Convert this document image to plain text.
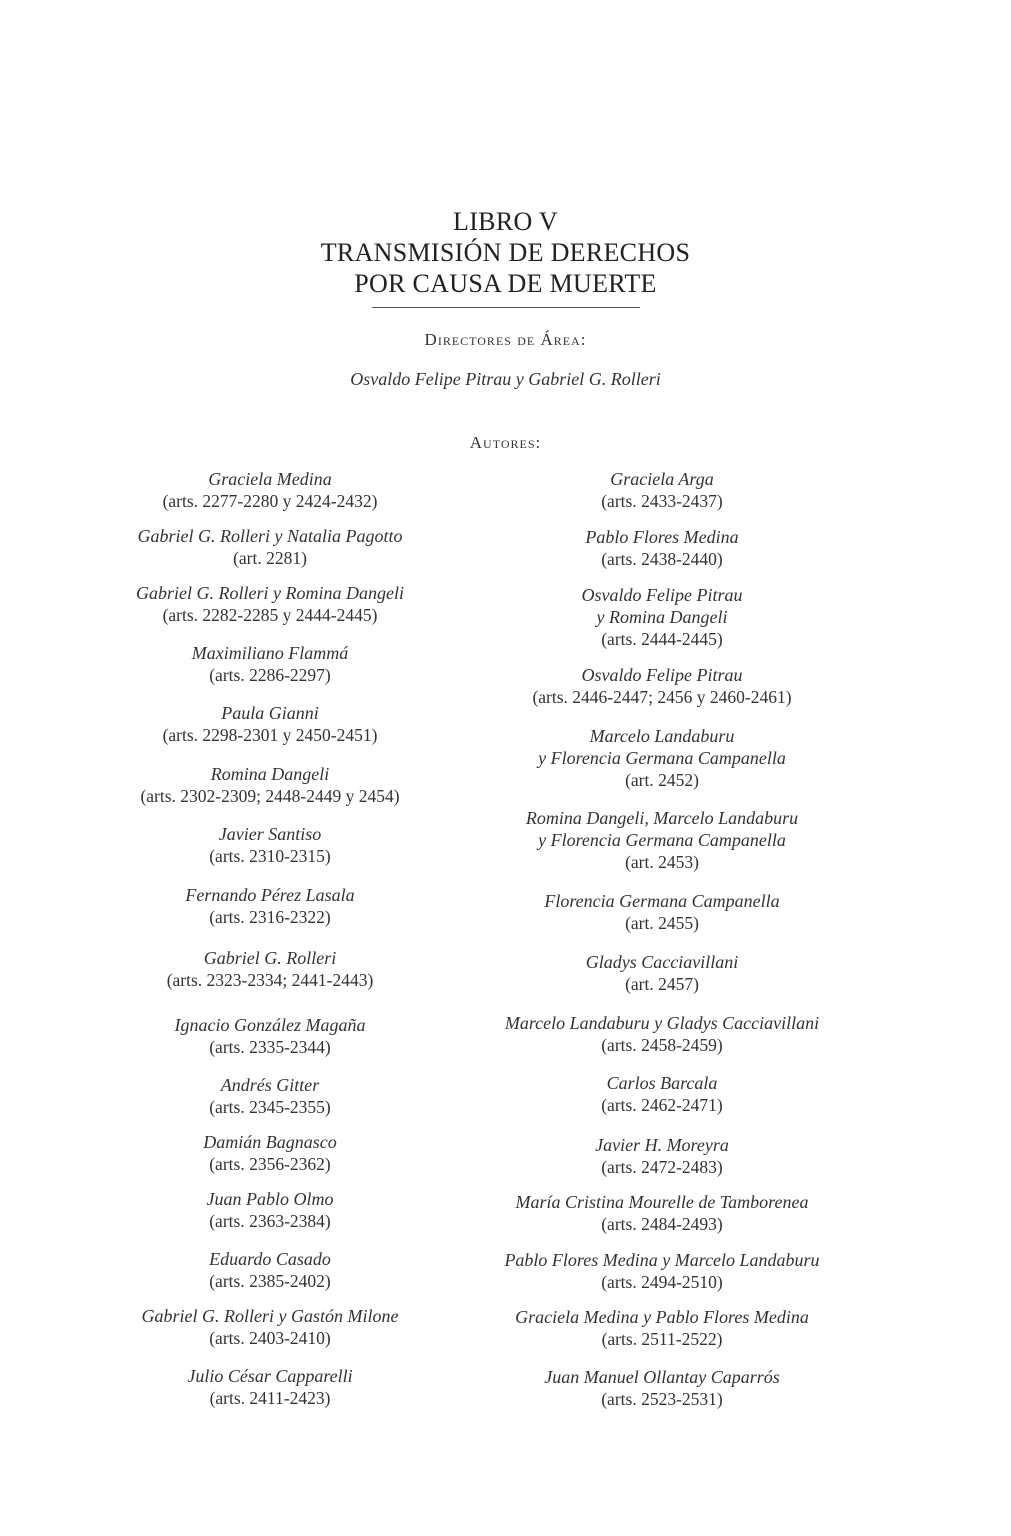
LIBRO V
TRANSMISIÓN DE DERECHOS
POR CAUSA DE MUERTE
Directores de Área:
Osvaldo Felipe Pitrau y Gabriel G. Rolleri
Autores:
Graciela Medina
(arts. 2277-2280 y 2424-2432)
Gabriel G. Rolleri y Natalia Pagotto
(art. 2281)
Gabriel G. Rolleri y Romina Dangeli
(arts. 2282-2285 y 2444-2445)
Maximiliano Flammá
(arts. 2286-2297)
Paula Gianni
(arts. 2298-2301 y 2450-2451)
Romina Dangeli
(arts. 2302-2309; 2448-2449 y 2454)
Javier Santiso
(arts. 2310-2315)
Fernando Pérez Lasala
(arts. 2316-2322)
Gabriel G. Rolleri
(arts. 2323-2334; 2441-2443)
Ignacio González Magaña
(arts. 2335-2344)
Andrés Gitter
(arts. 2345-2355)
Damián Bagnasco
(arts. 2356-2362)
Juan Pablo Olmo
(arts. 2363-2384)
Eduardo Casado
(arts. 2385-2402)
Gabriel G. Rolleri y Gastón Milone
(arts. 2403-2410)
Julio César Capparelli
(arts. 2411-2423)
Graciela Arga
(arts. 2433-2437)
Pablo Flores Medina
(arts. 2438-2440)
Osvaldo Felipe Pitrau
y Romina Dangeli
(arts. 2444-2445)
Osvaldo Felipe Pitrau
(arts. 2446-2447; 2456 y 2460-2461)
Marcelo Landaburu
y Florencia Germana Campanella
(art. 2452)
Romina Dangeli, Marcelo Landaburu
y Florencia Germana Campanella
(art. 2453)
Florencia Germana Campanella
(art. 2455)
Gladys Cacciavillani
(art. 2457)
Marcelo Landaburu y Gladys Cacciavillani
(arts. 2458-2459)
Carlos Barcala
(arts. 2462-2471)
Javier H. Moreyra
(arts. 2472-2483)
María Cristina Mourelle de Tamborenea
(arts. 2484-2493)
Pablo Flores Medina y Marcelo Landaburu
(arts. 2494-2510)
Graciela Medina y Pablo Flores Medina
(arts. 2511-2522)
Juan Manuel Ollantay Caparrós
(arts. 2523-2531)
